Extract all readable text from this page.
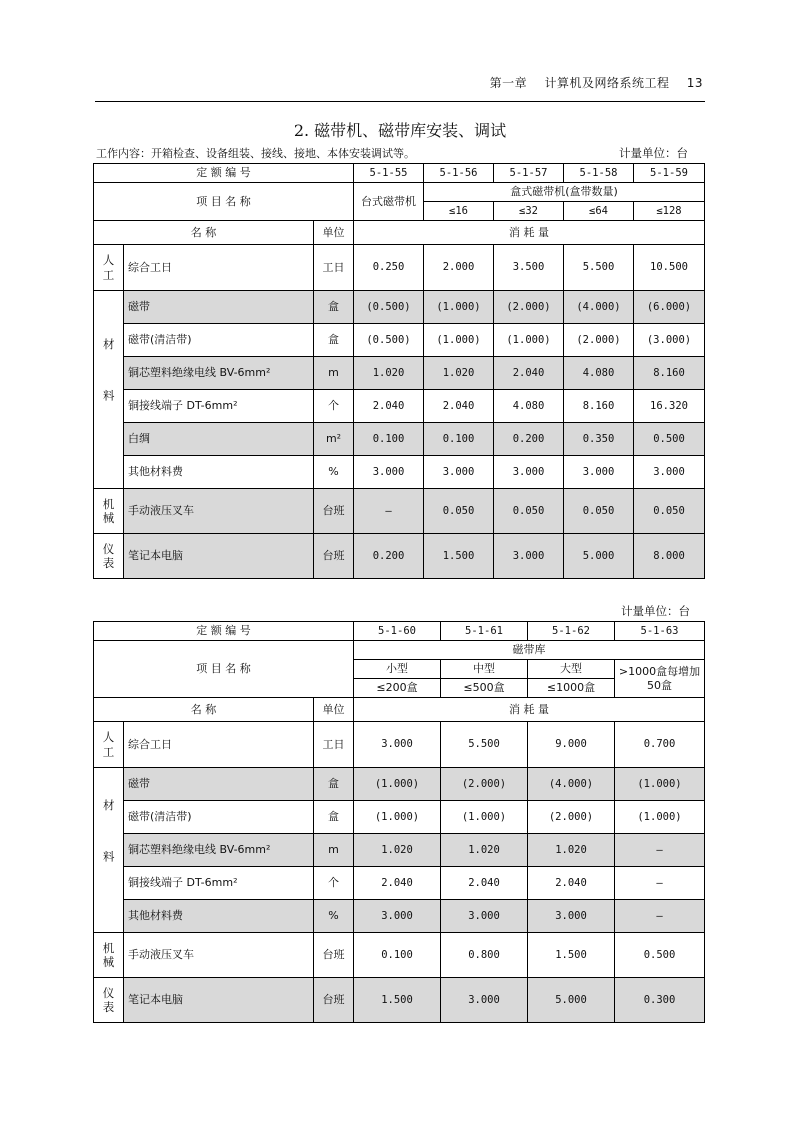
第一章 计算机及网络系统工程 13
2. 磁带机、磁带库安装、调试
工作内容：开箱检查、设备组装、接线、接地、本体安装调试等。	计量单位：台
定 额 编 号			5-1-55	5-1-56	5-1-57	5-1-58	5-1-59
项 目 名 称			台式磁带机	盒式磁带机(盒带数量)			
				≤16	≤32	≤64	≤128
名 称		单位	消 耗 量				
人工	综合工日	工日	0.250	2.000	3.500	5.500	10.500
材料	磁带	盒	(0.500)	(1.000)	(2.000)	(4.000)	(6.000)
	磁带(清洁带)	盒	(0.500)	(1.000)	(1.000)	(2.000)	(3.000)
	铜芯塑料绝缘电线 BV-6mm²	m	1.020	1.020	2.040	4.080	8.160
	铜接线端子 DT-6mm²	个	2.040	2.040	4.080	8.160	16.320
	白绸	m²	0.100	0.100	0.200	0.350	0.500
	其他材料费	%	3.000	3.000	3.000	3.000	3.000
机械	手动液压叉车	台班	—	0.050	0.050	0.050	0.050
仪表	笔记本电脑	台班	0.200	1.500	3.000	5.000	8.000
计量单位：台
定 额 编 号			5-1-60	5-1-61	5-1-62	5-1-63
项 目 名 称			磁带库			
			小型	中型	大型	>1000盒每增加50盒
			≤200盒	≤500盒	≤1000盒	
名 称		单位	消 耗 量			
人工	综合工日	工日	3.000	5.500	9.000	0.700
材料	磁带	盒	(1.000)	(2.000)	(4.000)	(1.000)
	磁带(清洁带)	盒	(1.000)	(1.000)	(2.000)	(1.000)
	铜芯塑料绝缘电线 BV-6mm²	m	1.020	1.020	1.020	—
	铜接线端子 DT-6mm²	个	2.040	2.040	2.040	—
	其他材料费	%	3.000	3.000	3.000	—
机械	手动液压叉车	台班	0.100	0.800	1.500	0.500
仪表	笔记本电脑	台班	1.500	3.000	5.000	0.300
